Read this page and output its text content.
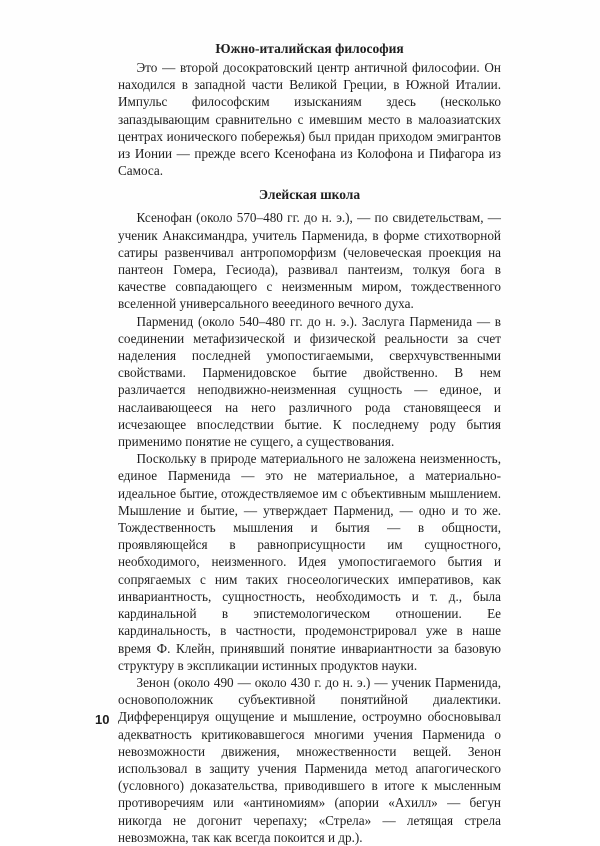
Южно-италийская философия

Это — второй досократовский центр античной философии. Он находился в западной части Великой Греции, в Южной Италии. Импульс философским изысканиям здесь (несколько запаздывающим сравнительно с имевшим место в малоазиатских центрах ионического побережья) был придан приходом эмигрантов из Ионии — прежде всего Ксенофана из Колофона и Пифагора из Самоса.

Элейская школа

Ксенофан (около 570–480 гг. до н. э.), — по свидетельствам, — ученик Анаксимандра, учитель Парменида, в форме стихотворной сатиры развенчивал антропоморфизм (человеческая проекция на пантеон Гомера, Гесиода), развивал пантеизм, толкуя бога в качестве совпадающего с неизменным миром, тождественного вселенной универсального вееединого вечного духа.

Парменид (около 540–480 гг. до н. э.). Заслуга Парменида — в соединении метафизической и физической реальности за счет наделения последней умопостигаемыми, сверхчувственными свойствами. Парменидовское бытие двойственно. В нем различается неподвижно-неизменная сущность — единое, и наслаивающееся на него различного рода становящееся и исчезающее впоследствии бытие. К последнему роду бытия применимо понятие не сущего, а существования.

Поскольку в природе материального не заложена неизменность, единое Парменида — это не материальное, а материально-идеальное бытие, отождествляемое им с объективным мышлением. Мышление и бытие, — утверждает Парменид, — одно и то же. Тождественность мышления и бытия — в общности, проявляющейся в равноприсущности им сущностного, необходимого, неизменного. Идея умопостигаемого бытия и сопрягаемых с ним таких гносеологических императивов, как инвариантность, сущностность, необходимость и т. д., была кардинальной в эпистемологическом отношении. Ее кардинальность, в частности, продемонстрировал уже в наше время Ф. Клейн, принявший понятие инвариантности за базовую структуру в экспликации истинных продуктов науки.

Зенон (около 490 — около 430 г. до н. э.) — ученик Парменида, основоположник субъективной понятийной диалектики. Дифференцируя ощущение и мышление, остроумно обосновывал адекватность критиковавшегося многими учения Парменида о невозможности движения, множественности вещей. Зенон использовал в защиту учения Парменида метод апагогического (условного) доказательства, приводившего в итоге к мысленным противоречиям или «антиномиям» (апории «Ахилл» — бегун никогда не догонит черепаху; «Стрела» — летящая стрела невозможна, так как всегда покоится и др.).

10
